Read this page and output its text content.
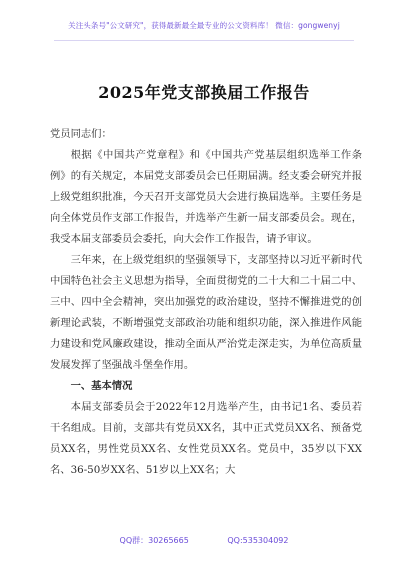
关注头条号"公文研究"，获得最新最全最专业的公文资料库！ 微信：gongwenyj
2025年党支部换届工作报告

党员同志们：

根据《中国共产党章程》和《中国共产党基层组织选举工作条例》的有关规定，本届党支部委员会已任期届满。经支委会研究并报上级党组织批准，今天召开支部党员大会进行换届选举。主要任务是向全体党员作支部工作报告，并选举产生新一届支部委员会。现在，我受本届支部委员会委托，向大会作工作报告，请予审议。

三年来，在上级党组织的坚强领导下，支部坚持以习近平新时代中国特色社会主义思想为指导，全面贯彻党的二十大和二十届二中、三中、四中全会精神，突出加强党的政治建设，坚持不懈推进党的创新理论武装，不断增强党支部政治功能和组织功能，深入推进作风能力建设和党风廉政建设，推动全面从严治党走深走实，为单位高质量发展发挥了坚强战斗堡垒作用。

一、基本情况

本届支部委员会于2022年12月选举产生，由书记1名、委员若干名组成。目前，支部共有党员XX名，其中正式党员XX名、预备党员XX名，男性党员XX名、女性党员XX名。党员中，35岁以下XX名、36-50岁XX名、51岁以上XX名；大

QQ群：30265665	QQ:535304092
